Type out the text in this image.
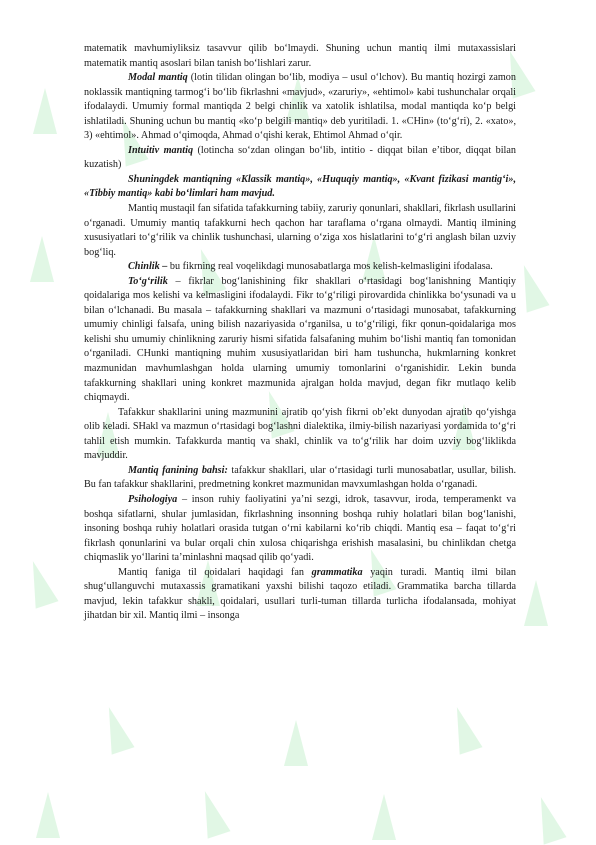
matematik mavhumiyliksiz tasavvur qilib bo‘lmaydi. Shuning uchun mantiq ilmi mutaxassislari matematik mantiq asoslari bilan tanish bo‘lishlari zarur.

Modal mantiq (lotin tilidan olingan bo‘lib, modiya – usul o‘lchov). Bu mantiq hozirgi zamon noklassik mantiqning tarmog‘i bo‘lib fikrlashni «mavjud», «zaruriy», «ehtimol» kabi tushunchalar orqali ifodalaydi. Umumiy formal mantiqda 2 belgi chinlik va xatolik ishlatilsa, modal mantiqda ko‘p belgi ishlatiladi. Shuning uchun bu mantiq «ko‘p belgili mantiq» deb yuritiladi. 1. «CHin» (to‘g‘ri), 2. «xato», 3) «ehtimol». Ahmad o‘qimoqda, Ahmad o‘qishi kerak, Ehtimol Ahmad o‘qir.

Intuitiv mantiq (lotincha so‘zdan olingan bo‘lib, intitio - diqqat bilan e’tibor, diqqat bilan kuzatish)

Shuningdek mantiqning «Klassik mantiq», «Huquqiy mantiq», «Kvant fizikasi mantig‘i», «Tibbiy mantiq» kabi bo‘limlari ham mavjud.

Mantiq mustaqil fan sifatida tafakkurning tabiiy, zaruriy qonunlari, shakllari, fikrlash usullarini o‘rganadi. Umumiy mantiq tafakkurni hech qachon har taraflama o‘rgana olmaydi. Mantiq ilmining xususiyatlari to‘g‘rilik va chinlik tushunchasi, ularning o‘ziga xos hislatlarini to‘g‘ri anglash bilan uzviy bog‘liq.

Chinlik – bu fikrning real voqelikdagi munosabatlarga mos kelish-kelmasligini ifodalasa.

To‘g‘rilik – fikrlar bog‘lanishining fikr shakllari o‘rtasidagi bog‘lanishning Mantiqiy qoidalariga mos kelishi va kelmasligini ifodalaydi. Fikr to‘g‘riligi pirovardida chinlikka bo‘ysunadi va u bilan o‘lchanadi. Bu masala – tafakkurning shakllari va mazmuni o‘rtasidagi munosabat, tafakkurning umumiy chinligi falsafa, uning bilish nazariyasida o‘rganilsa, u to‘g‘riligi, fikr qonun-qoidalariga mos kelishi shu umumiy chinlikning zaruriy hismi sifatida falsafaning muhim bo‘lishi mantiq fan tomonidan o‘rganiladi. CHunki mantiqning muhim xususiyatlaridan biri ham tushuncha, hukmlarning konkret mazmunidan mavhumlashgan holda ularning umumiy tomonlarini o‘rganishidir. Lekin bunda tafakkurning shakllari uning konkret mazmunida ajralgan holda mavjud, degan fikr mutlaqo kelib chiqmaydi.

Tafakkur shakllarini uning mazmunini ajratib qo‘yish fikrni ob’ekt dunyodan ajratib qo‘yishga olib keladi. SHakl va mazmun o‘rtasidagi bog‘lashni dialektika, ilmiy-bilish nazariyasi yordamida to‘g‘ri tahlil etish mumkin. Tafakkurda mantiq va shakl, chinlik va to‘g‘rilik har doim uzviy bog‘liklikda mavjuddir.

Mantiq fanining bahsi: tafakkur shakllari, ular o‘rtasidagi turli munosabatlar, usullar, bilish. Bu fan tafakkur shakllarini, predmetning konkret mazmunidan mavxumlashgan holda o‘rganadi.

Psihologiya – inson ruhiy faoliyatini ya’ni sezgi, idrok, tasavvur, iroda, temperamenkt va boshqa sifatlarni, shular jumlasidan, fikrlashning insonning boshqa ruhiy holatlari bilan bog‘lanishi, insoning boshqa ruhiy holatlari orasida tutgan o‘rni kabilarni ko‘rib chiqdi. Mantiq esa – faqat to‘g‘ri fikrlash qonunlarini va bular orqali chin xulosa chiqarishga erishish masalasini, bu chinlikdan chetga chiqmaslik yo‘llarini ta’minlashni maqsad qilib qo‘yadi.

Mantiq faniga til qoidalari haqidagi fan grammatika yaqin turadi. Mantiq ilmi bilan shug‘ullanguvchi mutaxassis gramatikani yaxshi bilishi taqozo etiladi. Grammatika barcha tillarda mavjud, lekin tafakkur shakli, qoidalari, usullari turli-tuman tillarda turlicha ifodalansada, mohiyat jihatdan bir xil. Mantiq ilmi – insonga
